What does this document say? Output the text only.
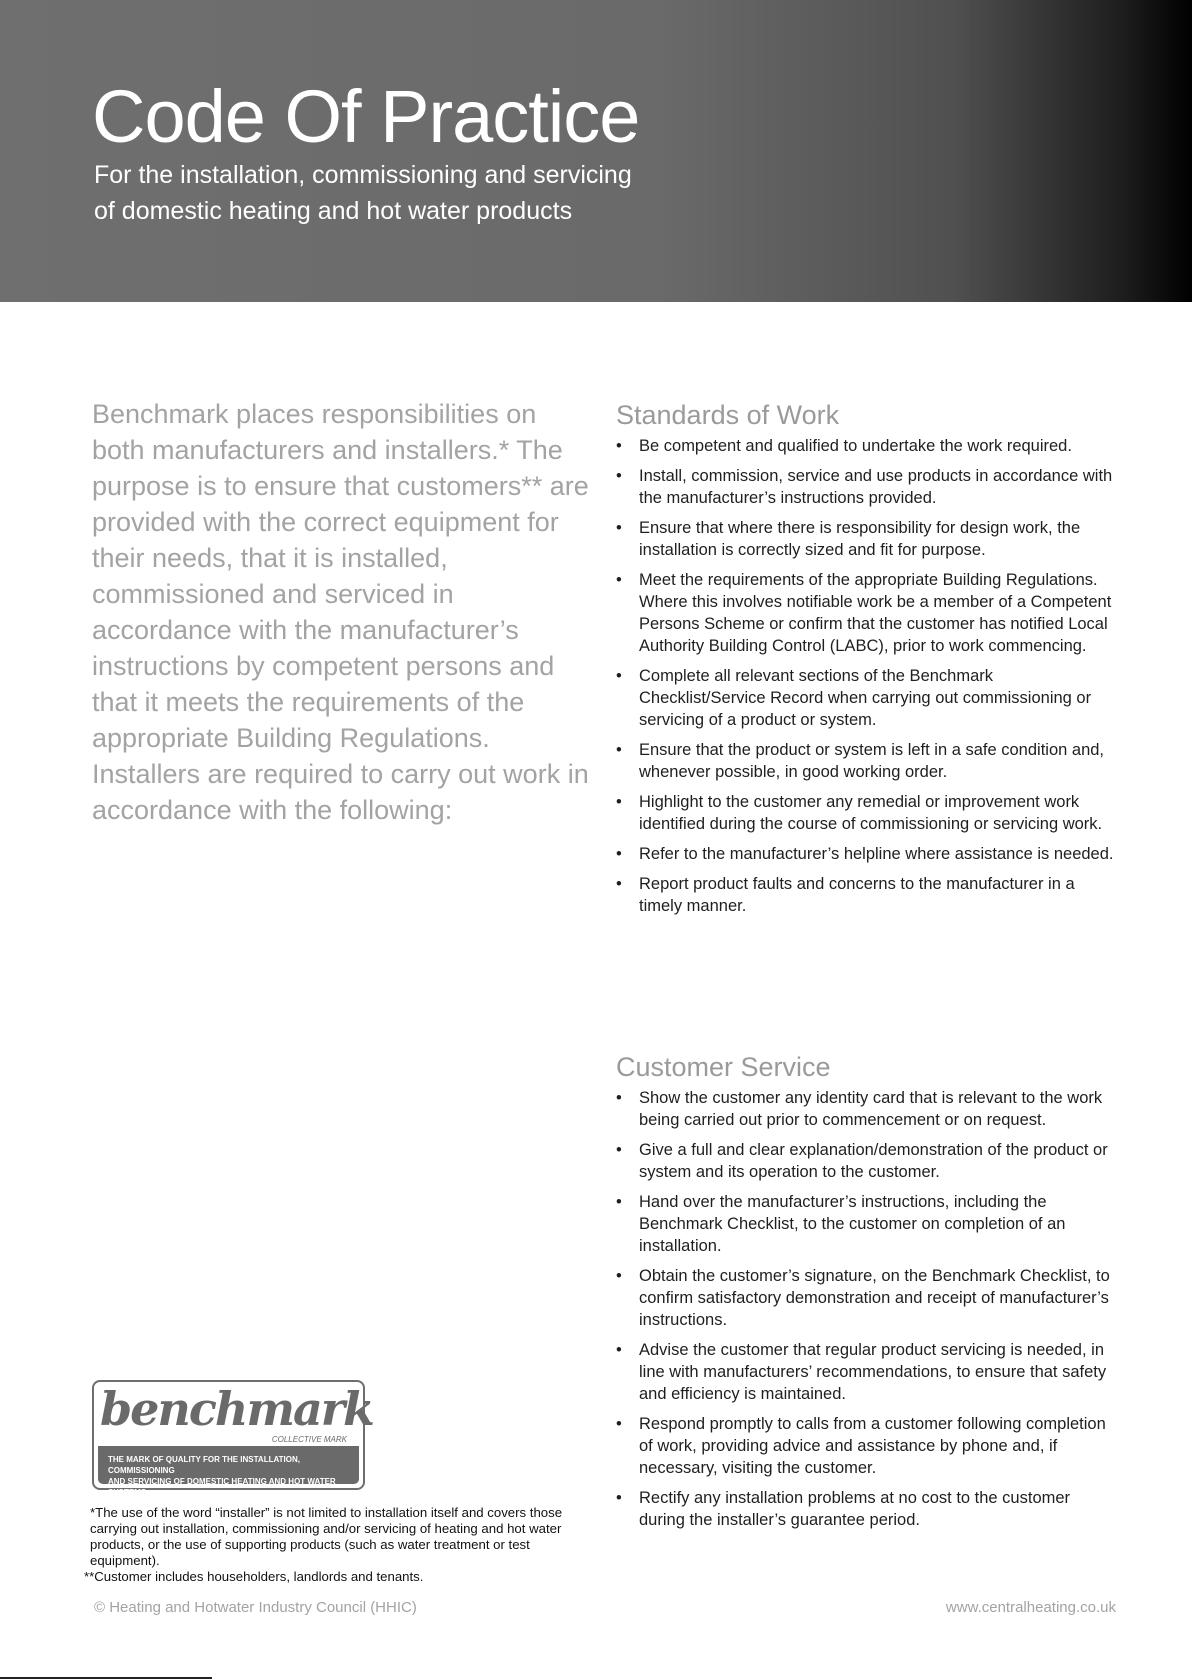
Code Of Practice

For the installation, commissioning and servicing
of domestic heating and hot water products

Benchmark places responsibilities on both manufacturers and installers.* The purpose is to ensure that customers** are provided with the correct equipment for their needs, that it is installed, commissioned and serviced in accordance with the manufacturer’s instructions by competent persons and that it meets the requirements of the appropriate Building Regulations. Installers are required to carry out work in accordance with the following:

Standards of Work
• Be competent and qualified to undertake the work required.
• Install, commission, service and use products in accordance with the manufacturer’s instructions provided.
• Ensure that where there is responsibility for design work, the installation is correctly sized and fit for purpose.
• Meet the requirements of the appropriate Building Regulations. Where this involves notifiable work be a member of a Competent Persons Scheme or confirm that the customer has notified Local Authority Building Control (LABC), prior to work commencing.
• Complete all relevant sections of the Benchmark Checklist/Service Record when carrying out commissioning or servicing of a product or system.
• Ensure that the product or system is left in a safe condition and, whenever possible, in good working order.
• Highlight to the customer any remedial or improvement work identified during the course of commissioning or servicing work.
• Refer to the manufacturer’s helpline where assistance is needed.
• Report product faults and concerns to the manufacturer in a timely manner.
Customer Service
• Show the customer any identity card that is relevant to the work being carried out prior to commencement or on request.
• Give a full and clear explanation/demonstration of the product or system and its operation to the customer.
• Hand over the manufacturer’s instructions, including the Benchmark Checklist, to the customer on completion of an installation.
• Obtain the customer’s signature, on the Benchmark Checklist, to confirm satisfactory demonstration and receipt of manufacturer’s instructions.
• Advise the customer that regular product servicing is needed, in line with manufacturers’ recommendations, to ensure that safety and efficiency is maintained.
• Respond promptly to calls from a customer following completion of work, providing advice and assistance by phone and, if necessary, visiting the customer.
• Rectify any installation problems at no cost to the customer during the installer’s guarantee period.
benchmark
COLLECTIVE MARK
THE MARK OF QUALITY FOR THE INSTALLATION, COMMISSIONING
AND SERVICING OF DOMESTIC HEATING AND HOT WATER SYSTEMS
*The use of the word “installer” is not limited to installation itself and covers those carrying out installation, commissioning and/or servicing of heating and hot water products, or the use of supporting products (such as water treatment or test equipment).
**Customer includes householders, landlords and tenants.
© Heating and Hotwater Industry Council (HHIC)	www.centralheating.co.uk
